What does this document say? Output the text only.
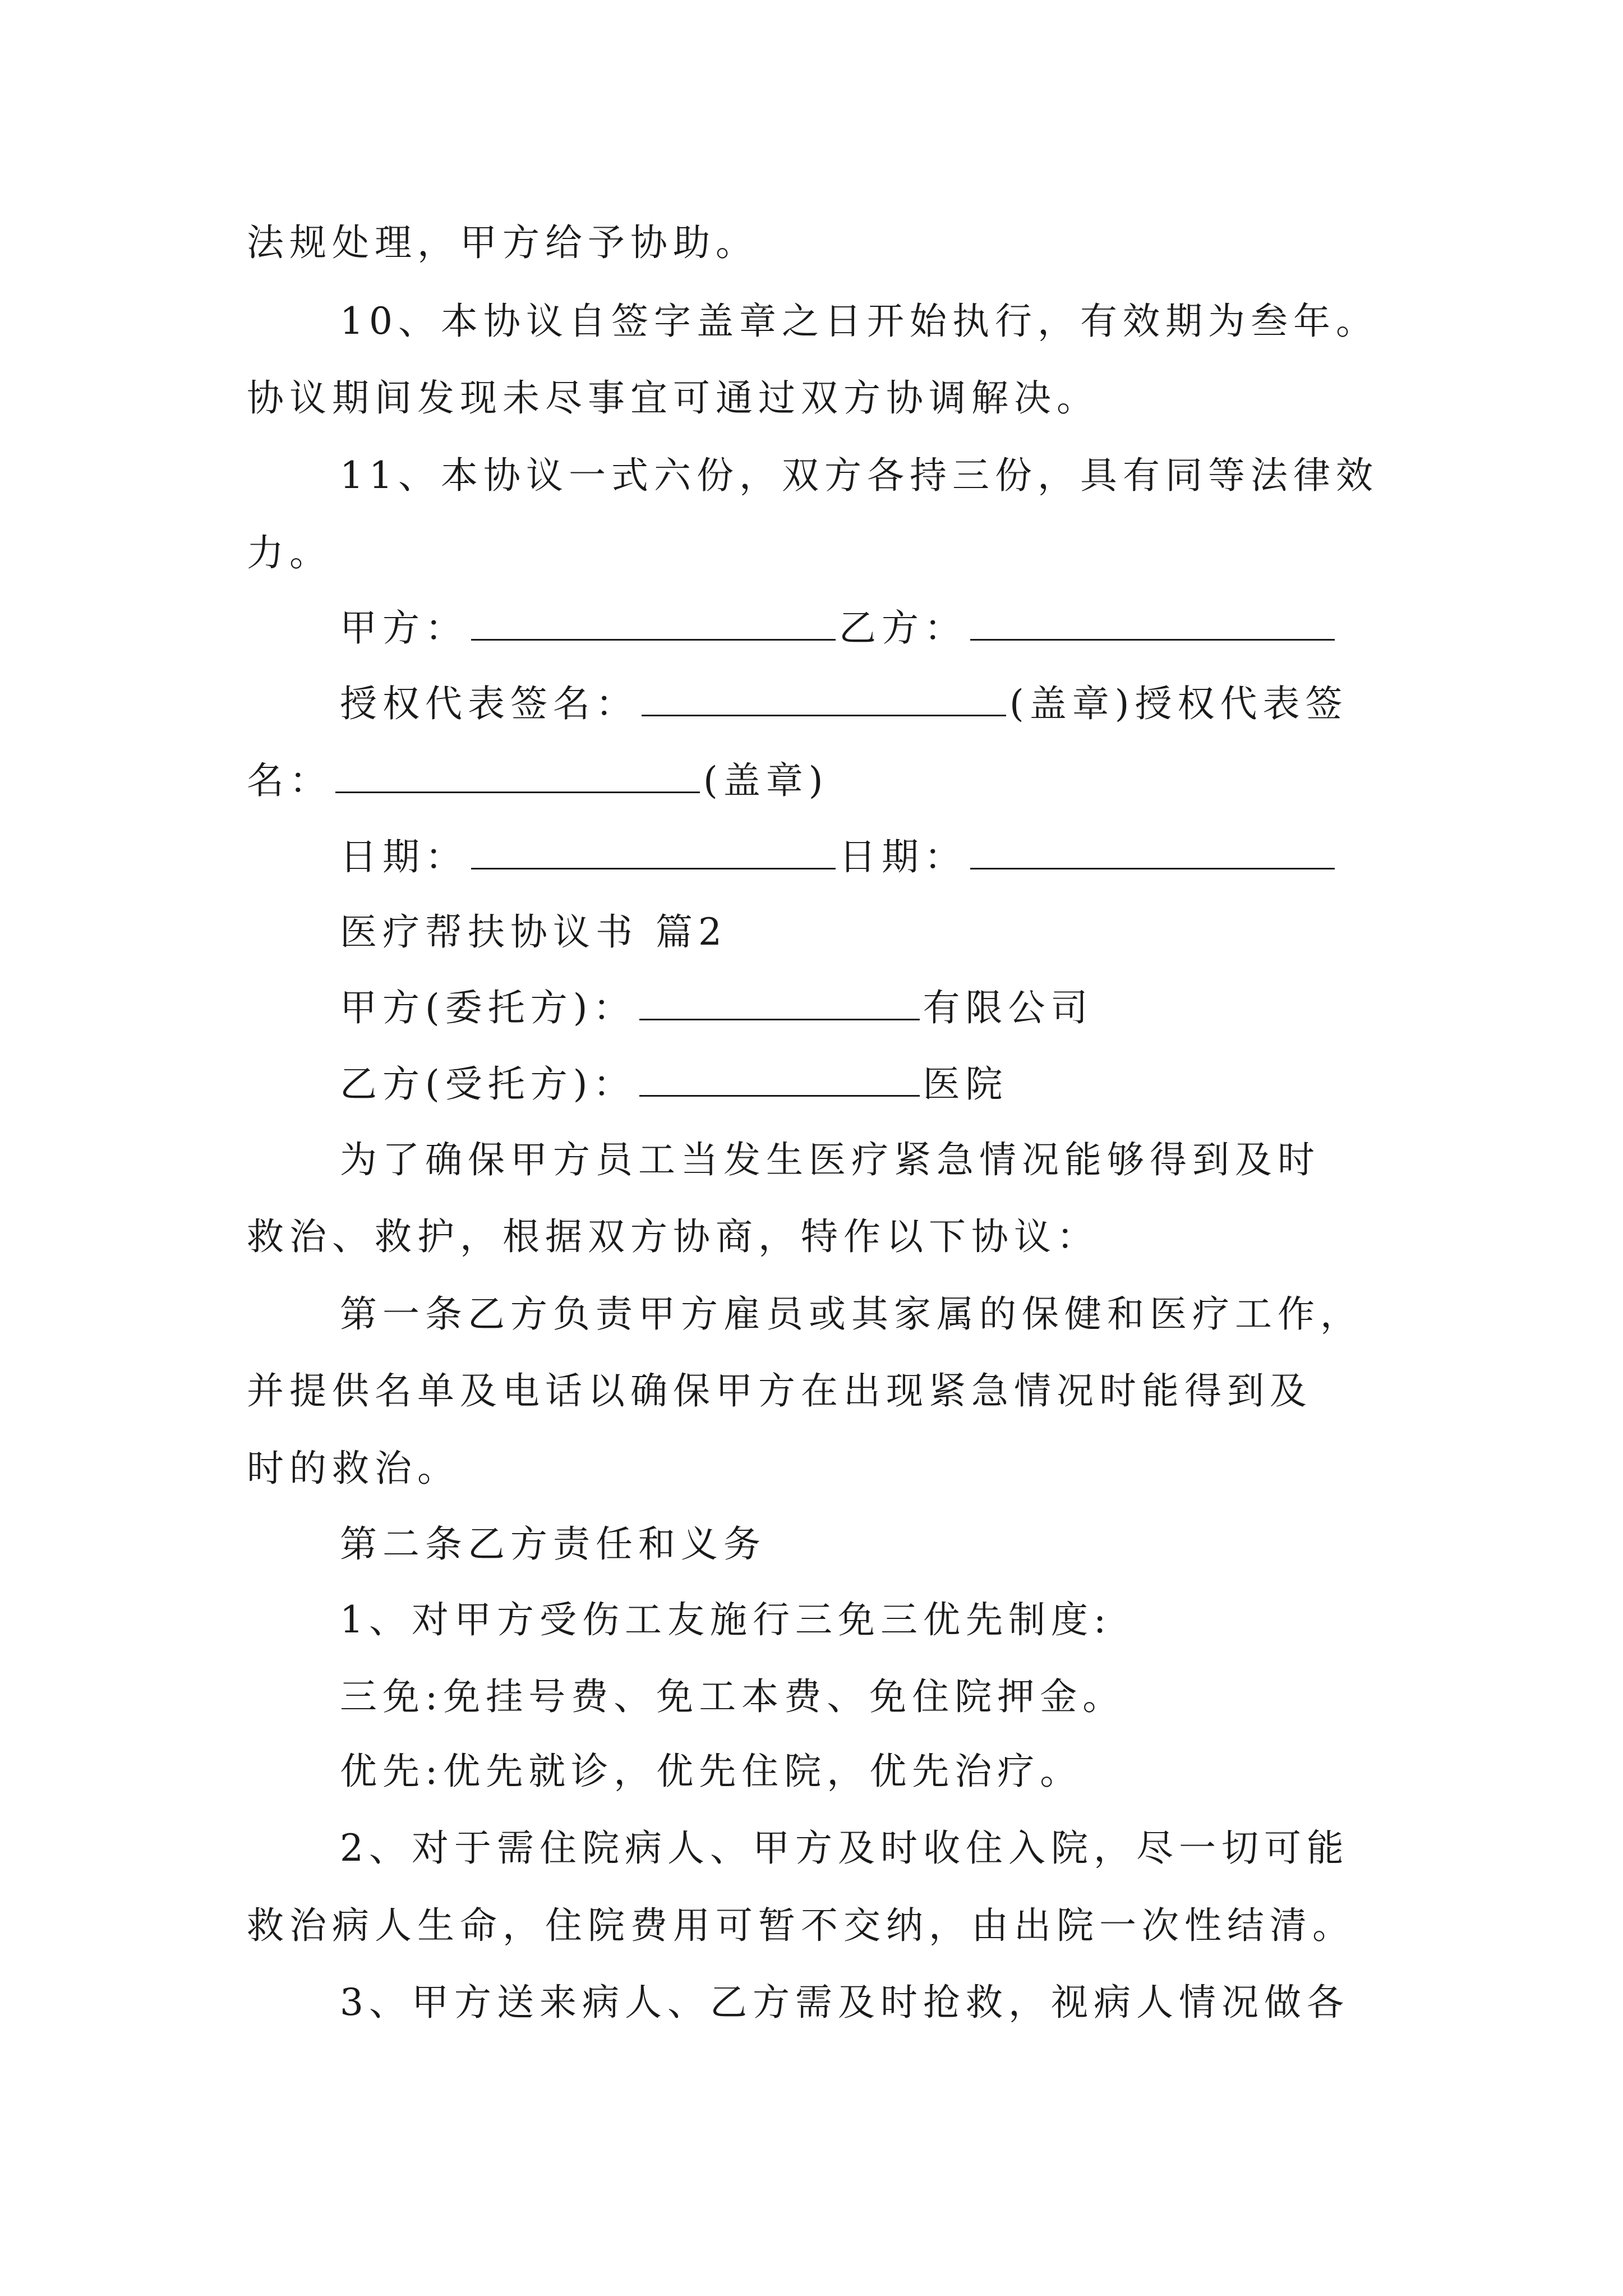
法规处理，甲方给予协助。
10、本协议自签字盖章之日开始执行，有效期为叁年。
协议期间发现未尽事宜可通过双方协调解决。
11、本协议一式六份，双方各持三份，具有同等法律效
力。
甲方：	乙方：
授权代表签名：	(盖章)授权代表签
名：	(盖章)
日期：	日期：
医疗帮扶协议书 篇2
甲方(委托方)：	有限公司
乙方(受托方)：	医院
为了确保甲方员工当发生医疗紧急情况能够得到及时
救治、救护，根据双方协商，特作以下协议：
第一条乙方负责甲方雇员或其家属的保健和医疗工作，
并提供名单及电话以确保甲方在出现紧急情况时能得到及
时的救治。
第二条乙方责任和义务
1、对甲方受伤工友施行三免三优先制度:
三免:免挂号费、免工本费、免住院押金。
优先:优先就诊，优先住院，优先治疗。
2、对于需住院病人、甲方及时收住入院，尽一切可能
救治病人生命，住院费用可暂不交纳，由出院一次性结清。
3、甲方送来病人、乙方需及时抢救，视病人情况做各
